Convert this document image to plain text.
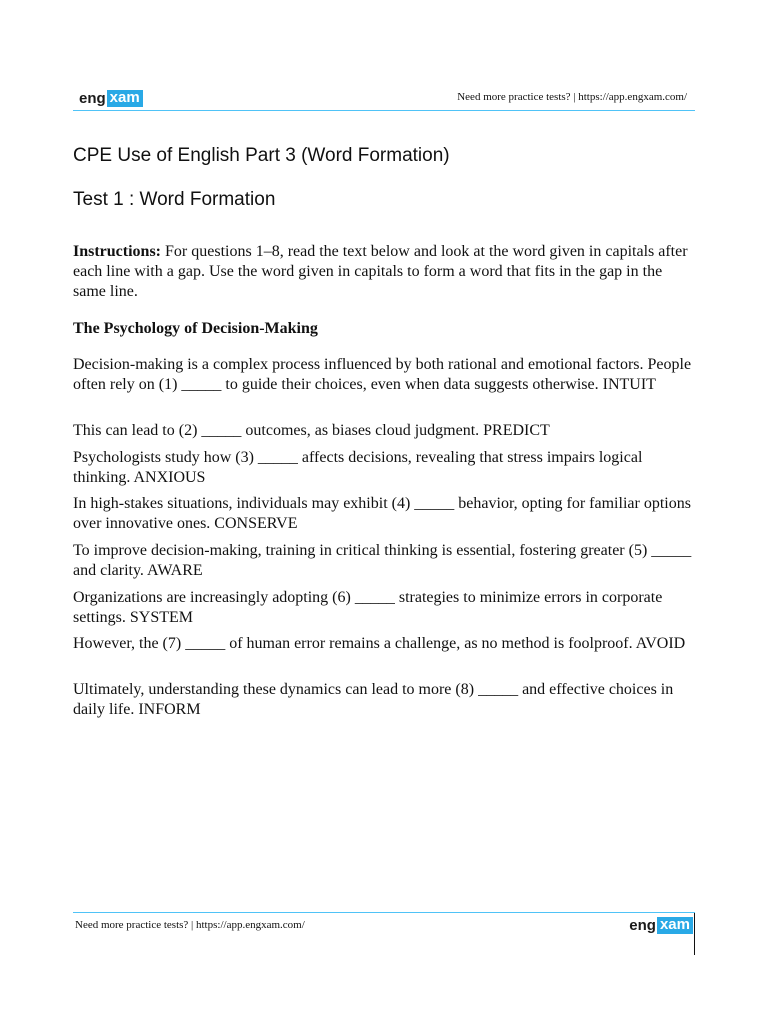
eng xam	Need more practice tests? | https://app.engxam.com/
CPE Use of English Part 3 (Word Formation)
Test 1 : Word Formation

Instructions: For questions 1–8, read the text below and look at the word given in capitals after each line with a gap. Use the word given in capitals to form a word that fits in the gap in the same line.

The Psychology of Decision-Making

Decision-making is a complex process influenced by both rational and emotional factors. People often rely on (1) _____ to guide their choices, even when data suggests otherwise. INTUIT

This can lead to (2) _____ outcomes, as biases cloud judgment. PREDICT

Psychologists study how (3) _____ affects decisions, revealing that stress impairs logical thinking. ANXIOUS

In high-stakes situations, individuals may exhibit (4) _____ behavior, opting for familiar options over innovative ones. CONSERVE

To improve decision-making, training in critical thinking is essential, fostering greater (5) _____ and clarity. AWARE

Organizations are increasingly adopting (6) _____ strategies to minimize errors in corporate settings. SYSTEM

However, the (7) _____ of human error remains a challenge, as no method is foolproof. AVOID

Ultimately, understanding these dynamics can lead to more (8) _____ and effective choices in daily life. INFORM

Need more practice tests? | https://app.engxam.com/	eng xam
